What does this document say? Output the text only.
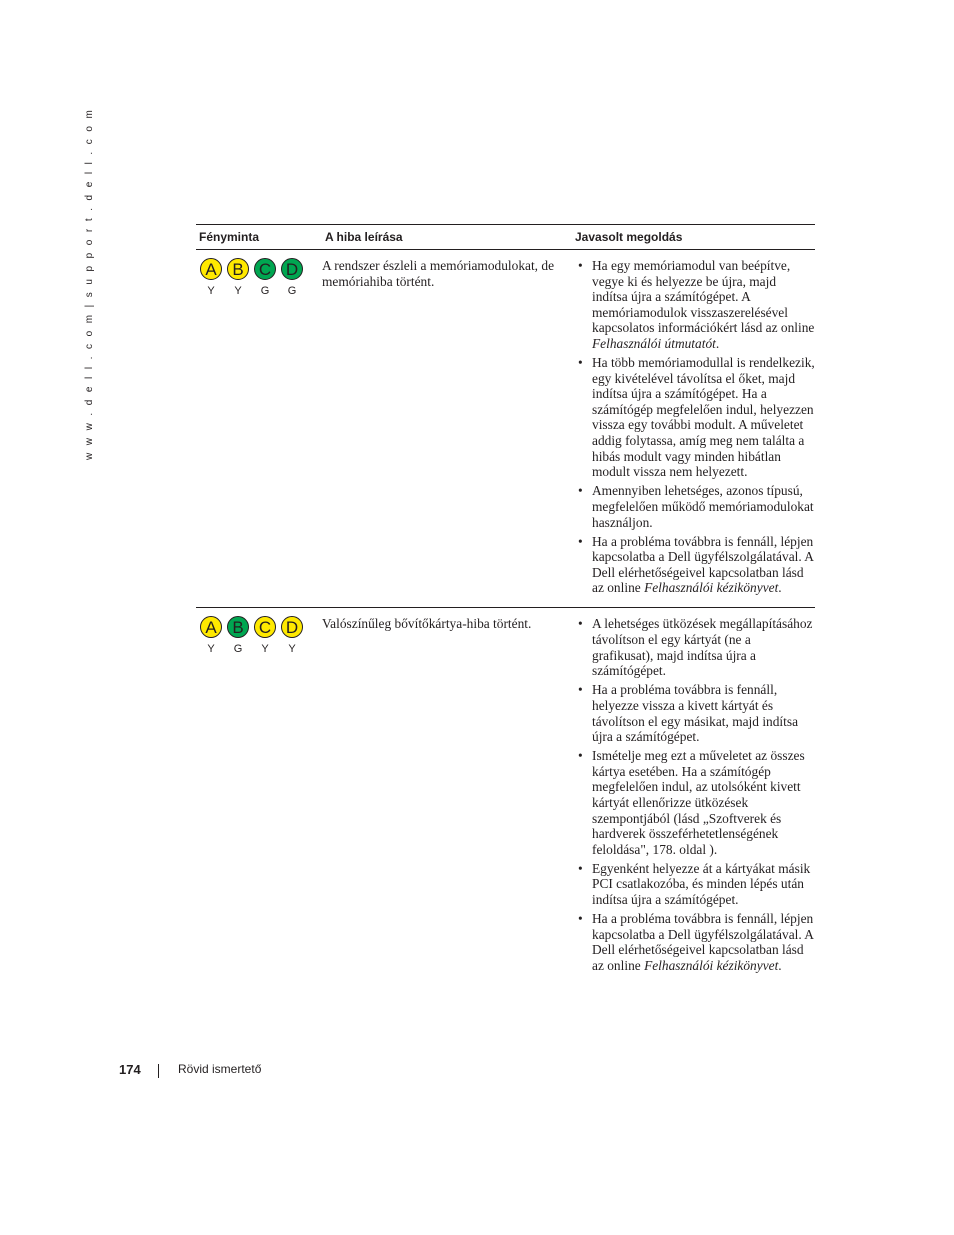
w w w . d e l l . c o m | s u p p o r t . d e l l . c o m	Fényminta	A hiba leírása	Javasolt megoldás
A B C D
Y	Y	G	G
A rendszer észleli a memóriamodulokat, de memóriahiba történt.
• Ha egy memóriamodul van beépítve, vegye ki és helyezze be újra, majd indítsa újra a számítógépet. A memóriamodulok visszaszerelésével kapcsolatos információkért lásd az online Felhasználói útmutatót.
• Ha több memóriamodullal is rendelkezik, egy kivételével távolítsa el őket, majd indítsa újra a számítógépet. Ha a számítógép megfelelően indul, helyezzen vissza egy további modult. A műveletet addig folytassa, amíg meg nem találta a hibás modult vagy minden hibátlan modult vissza nem helyezett.
• Amennyiben lehetséges, azonos típusú, megfelelően működő memóriamodulokat használjon.
• Ha a probléma továbbra is fennáll, lépjen kapcsolatba a Dell ügyfélszolgálatával. A Dell elérhetőségeivel kapcsolatban lásd az online Felhasználói kézikönyvet.
A B C D
Y	G	Y	Y
Valószínűleg bővítőkártya-hiba történt.
•	A lehetséges ütközések megállapításához távolítson el egy kártyát (ne a grafikusat), majd indítsa újra a számítógépet.
• Ha a probléma továbbra is fennáll, helyezze vissza a kivett kártyát és távolítson el egy másikat, majd indítsa újra a számítógépet.
• Ismételje meg ezt a műveletet az összes kártya esetében. Ha a számítógép megfelelően indul, az utolsóként kivett kártyát ellenőrizze ütközések szempontjából (lásd „Szoftverek és hardverek összeférhetetlenségének feloldása", 178. oldal ).
• Egyenként helyezze át a kártyákat másik PCI csatlakozóba, és minden lépés után indítsa újra a számítógépet.
• Ha a probléma továbbra is fennáll, lépjen kapcsolatba a Dell ügyfélszolgálatával. A Dell elérhetőségeivel kapcsolatban lásd az online Felhasználói kézikönyvet.
174	Rövid ismertető
